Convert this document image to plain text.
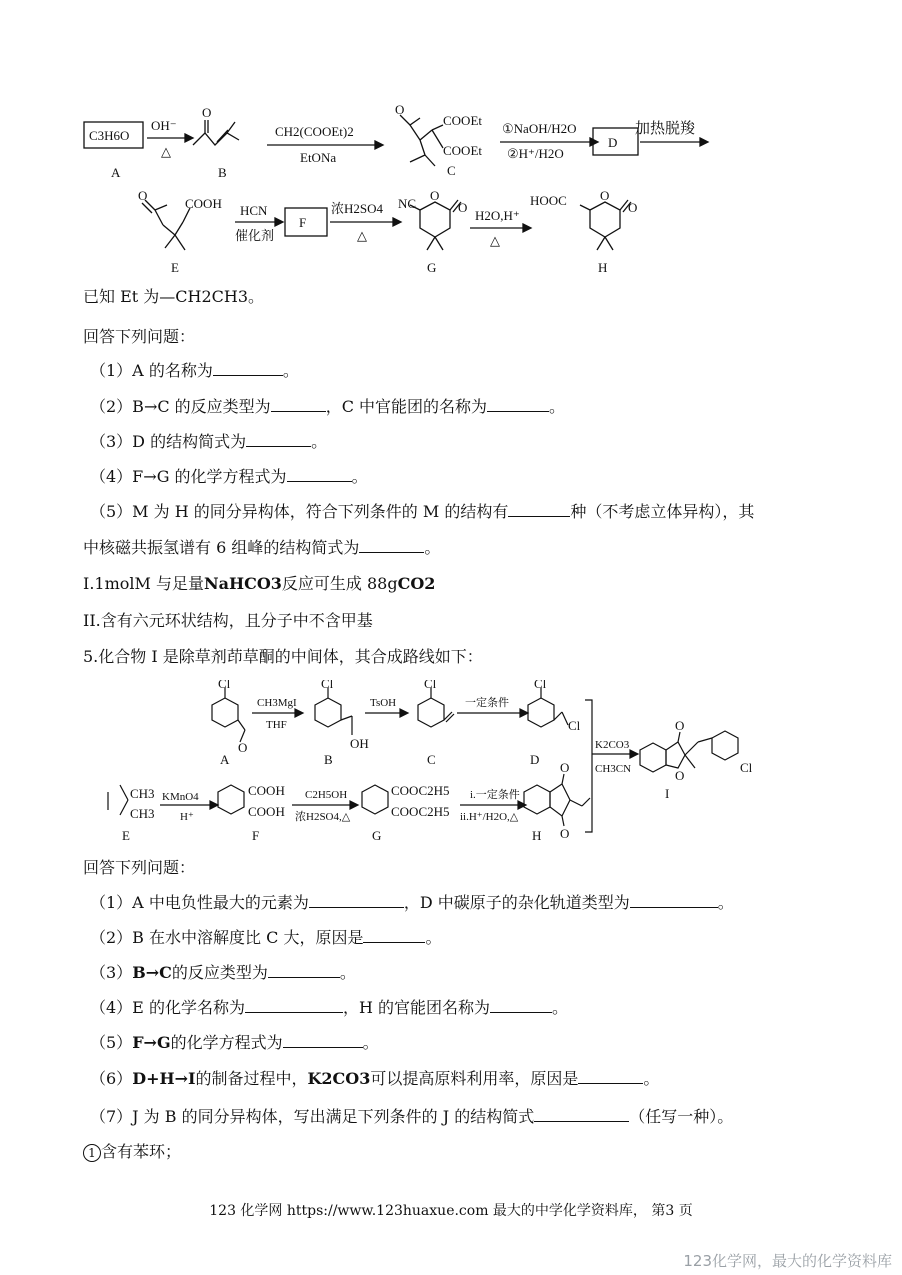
C3H6O
A
OH⁻
△
B
O
CH2(COOEt)2
EtONa
O
COOEt
COOEt
C
①NaOH/H2O
②H⁺/H2O
D
加热脱羧
O
COOH
E
HCN
催化剂
F
浓H2SO4
△
NC
O
O
G
H2O,H⁺
△
HOOC	O
O
H
已知 Et 为—CH2CH3。
回答下列问题：
（1）A 的名称为	。
（2）B→C 的反应类型为	，C 中官能团的名称为	。
（3）D 的结构简式为	。
（4）F→G 的化学方程式为	。
（5）M 为 H 的同分异构体，符合下列条件的 M 的结构有	种（不考虑立体异构），其
中核磁共振氢谱有 6 组峰的结构简式为	。
I.1molM 与足量NaHCO3反应可生成 88gCO2
II.含有六元环状结构，且分子中不含甲基
5.化合物 I 是除草剂茚草酮的中间体，其合成路线如下：
Cl
O
A
CH3MgI
THF
Cl
OH
B
TsOH
Cl
C
一定条件
Cl
Cl
D
K2CO3
CH3CN
O
O
Cl
I
CH3
CH3
KMnO4
H⁺
E
COOH
COOH
F
C2H5OH
浓H2SO4,△
COOC2H5
COOC2H5
G
i.一定条件
ii.H⁺/H2O,△
O
O
H
回答下列问题：
（1）A 中电负性最大的元素为	，D 中碳原子的杂化轨道类型为	。
（2）B 在水中溶解度比 C 大，原因是	。
（3）B→C的反应类型为	。
（4）E 的化学名称为	，H 的官能团名称为	。
（5）F→G的化学方程式为	。
（6）D+H→I的制备过程中，K2CO3可以提高原料利用率，原因是	。
（7）J 为 B 的同分异构体，写出满足下列条件的 J 的结构简式	（任写一种）。
1 含有苯环；
123 化学网 https://www.123huaxue.com 最大的中学化学资料库， 第3 页
123化学网，最大的化学资料库
